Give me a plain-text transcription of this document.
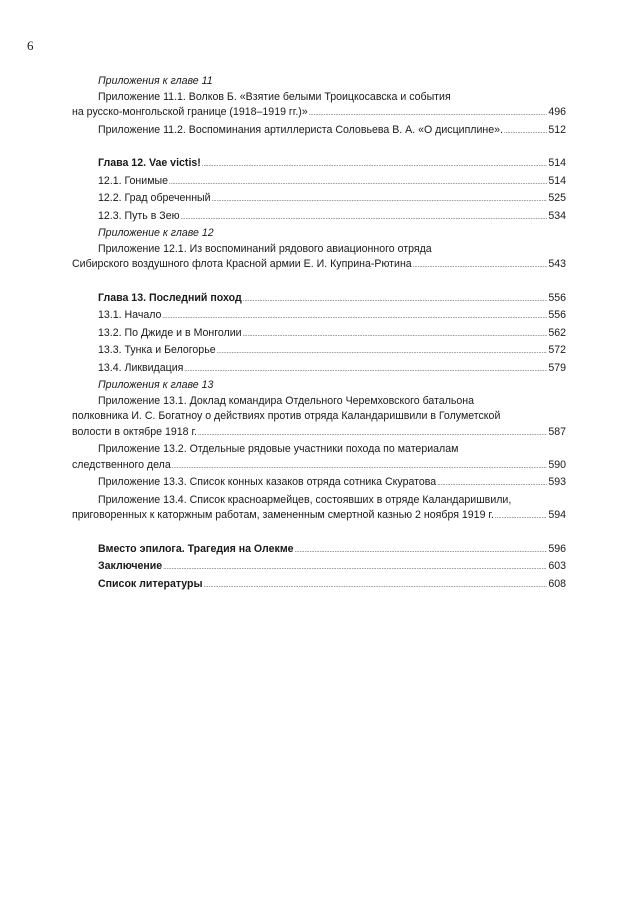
6
Приложения к главе 11
Приложение 11.1. Волков Б. «Взятие белыми Троицкосавска и события
на русско-монгольской границе (1918–1919 гг.)» .....	496
Приложение 11.2. Воспоминания артиллериста Соловьева В. А. «О дисциплине». .....	512
Глава 12. Vae victis! .....	514
12.1. Гонимые .....	514
12.2. Град обреченный .....	525
12.3. Путь в Зею .....	534
Приложение к главе 12
Приложение 12.1. Из воспоминаний рядового авиационного отряда
Сибирского воздушного флота Красной армии Е. И. Куприна-Рютина .....	543
Глава 13. Последний поход .....	556
13.1. Начало .....	556
13.2. По Джиде и в Монголии .....	562
13.3. Тунка и Белогорье .....	572
13.4. Ликвидация .....	579
Приложения к главе 13
Приложение 13.1. Доклад командира Отдельного Черемховского батальона
полковника И. С. Богатноу о действиях против отряда Каландаришвили в Голуметской
волости в октябре 1918 г. .....	587
Приложение 13.2. Отдельные рядовые участники похода по материалам
следственного дела .....	590
Приложение 13.3. Список конных казаков отряда сотника Скуратова .....	593
Приложение 13.4. Список красноармейцев, состоявших в отряде Каландаришвили,
приговоренных к каторжным работам, замененным смертной казнью 2 ноября 1919 г. .....	594
Вместо эпилога. Трагедия на Олекме .....	596
Заключение .....	603
Список литературы .....	608
